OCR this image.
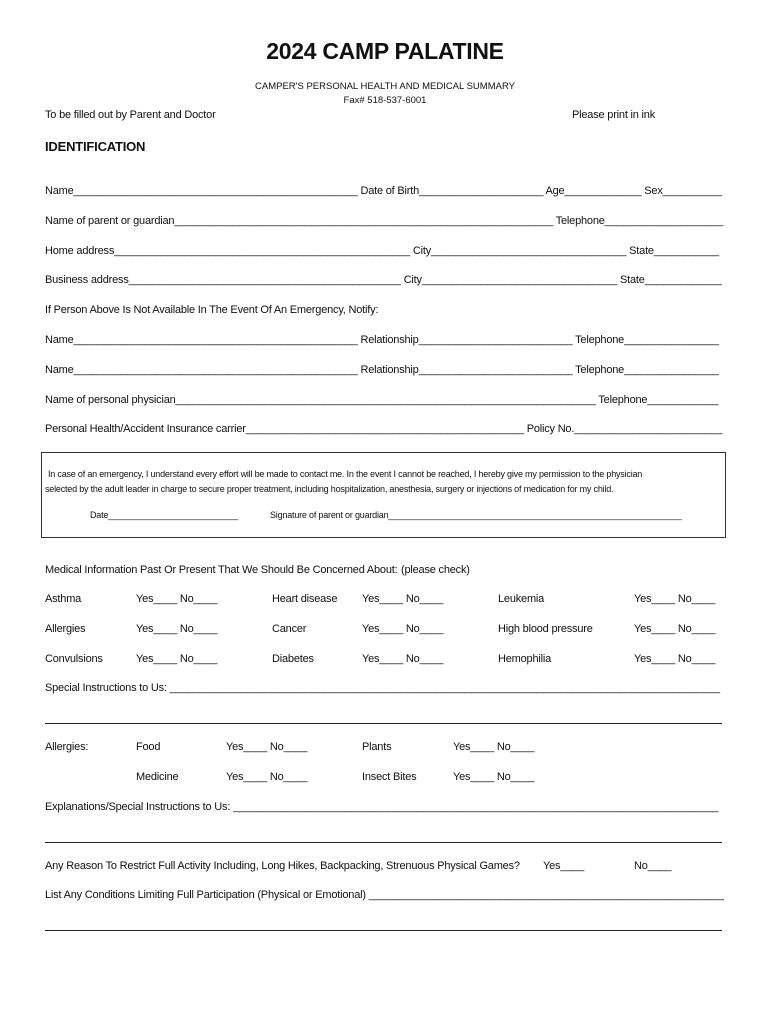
2024 CAMP PALATINE
CAMPER'S PERSONAL HEALTH AND MEDICAL SUMMARY
Fax# 518-537-6001
To be filled out by Parent and Doctor	Please print in ink
IDENTIFICATION
Name________________________________________________ Date of Birth_____________________ Age_____________ Sex__________
Name of parent or guardian________________________________________________________________ Telephone____________________
Home address__________________________________________________ City_________________________________ State___________
Business address______________________________________________ City_________________________________ State_____________
If Person Above Is Not Available In The Event Of An Emergency, Notify:
Name________________________________________________ Relationship__________________________ Telephone________________
Name________________________________________________ Relationship__________________________ Telephone________________
Name of personal physician_______________________________________________________________________ Telephone____________
Personal Health/Accident Insurance carrier_______________________________________________ Policy No._________________________
In case of an emergency, I understand every effort will be made to contact me. In the event I cannot be reached, I hereby give my permission to the physician
selected by the adult leader in charge to secure proper treatment, including hospitalization, anesthesia, surgery or injections of medication for my child.
Date___________________________	Signature of parent or guardian_____________________________________________________________
Medical Information Past Or Present That We Should Be Concerned About: (please check)
Asthma	Yes____ No____	Heart disease Yes____ No____	Leukemia	Yes____ No____
Allergies	Yes____ No____	Cancer	Yes____ No____	High blood pressure	Yes____ No____
Convulsions	Yes____ No____	Diabetes	Yes____ No____	Hemophilia	Yes____ No____
Special Instructions to Us: _____________________________________________________________________________________________
Allergies:	Food	Yes____ No____	Plants	Yes____ No____
Medicine	Yes____ No____	Insect Bites	Yes____ No____
Explanations/Special Instructions to Us: __________________________________________________________________________________
Any Reason To Restrict Full Activity Including, Long Hikes, Backpacking, Strenuous Physical Games? Yes____	No____
List Any Conditions Limiting Full Participation (Physical or Emotional) ____________________________________________________________
